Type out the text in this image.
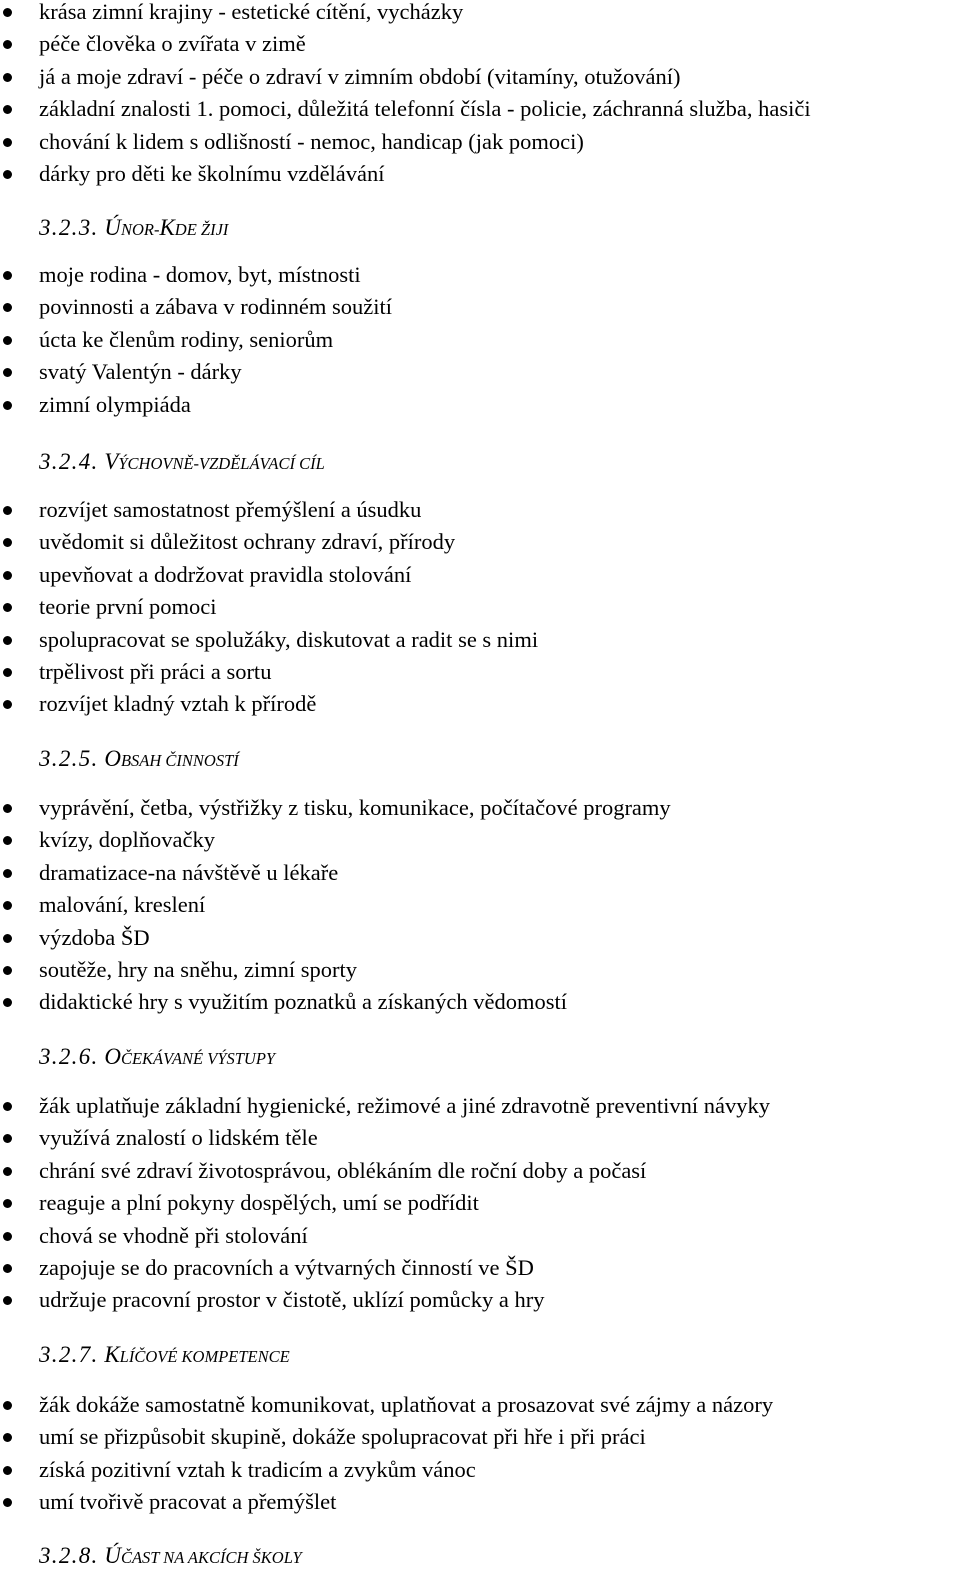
krása zimní krajiny - estetické cítění, vycházky
péče člověka o zvířata v zimě
já a moje zdraví - péče o zdraví v zimním období (vitamíny, otužování)
základní znalosti 1. pomoci, důležitá telefonní čísla - policie, záchranná služba, hasiči
chování k lidem s odlišností - nemoc, handicap (jak pomoci)
dárky pro děti ke školnímu vzdělávání
3.2.3. ÚNOR-KDE ŽIJI
moje rodina - domov, byt, místnosti
povinnosti a zábava v rodinném soužití
úcta ke členům rodiny, seniorům
svatý Valentýn - dárky
zimní olympiáda
3.2.4. VÝCHOVNĚ-VZDĚLÁVACÍ CÍL
rozvíjet samostatnost přemýšlení a úsudku
uvědomit si důležitost ochrany zdraví, přírody
upevňovat a dodržovat pravidla stolování
teorie první pomoci
spolupracovat se spolužáky, diskutovat a radit se s nimi
trpělivost při práci a sortu
rozvíjet kladný vztah k přírodě
3.2.5. OBSAH ČINNOSTÍ
vyprávění, četba, výstřižky z tisku, komunikace, počítačové programy
kvízy, doplňovačky
dramatizace-na návštěvě u lékaře
malování, kreslení
výzdoba ŠD
soutěže, hry na sněhu, zimní sporty
didaktické hry s využitím poznatků a získaných vědomostí
3.2.6. OČEKÁVANÉ VÝSTUPY
žák uplatňuje základní hygienické, režimové a jiné zdravotně preventivní návyky
využívá znalostí o lidském těle
chrání své zdraví životosprávou, oblékáním dle roční doby a počasí
reaguje a plní pokyny dospělých, umí se podřídit
chová se vhodně při stolování
zapojuje se do pracovních a výtvarných činností ve ŠD
udržuje pracovní prostor v čistotě, uklízí pomůcky a hry
3.2.7. KLÍČOVÉ KOMPETENCE
žák dokáže samostatně komunikovat, uplatňovat a prosazovat své zájmy a názory
umí se přizpůsobit skupině, dokáže spolupracovat při hře i při práci
získá pozitivní vztah k tradicím a zvykům vánoc
umí tvořivě pracovat a přemýšlet
3.2.8. ÚČAST NA AKCÍCH ŠKOLY
